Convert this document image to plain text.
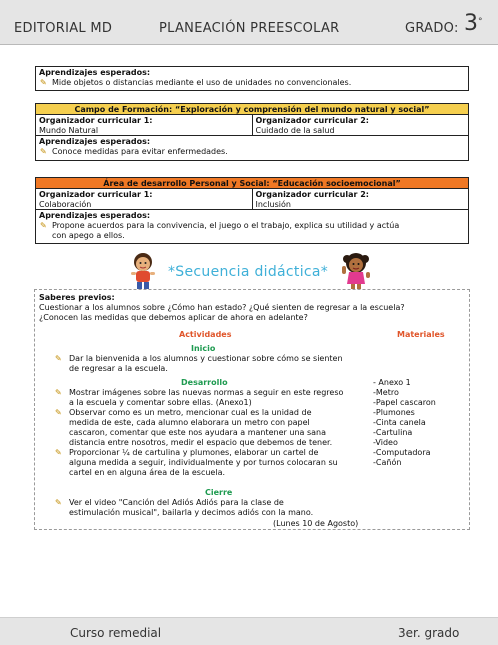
EDITORIAL MD	PLANEACIÓN PREESCOLAR	GRADO: 3 °
Aprendizajes esperados:
✎ Mide objetos o distancias mediante el uso de unidades no convencionales.
Campo de Formación: “Exploración y comprensión del mundo natural y social”
Organizador curricular 1:
Mundo Natural
Organizador curricular 2:
Cuidado de la salud
Aprendizajes esperados:
✎ Conoce medidas para evitar enfermedades.
Área de desarrollo Personal y Social: “Educación socioemocional”
Organizador curricular 1:
Colaboración
Organizador curricular 2:
Inclusión
Aprendizajes esperados:
✎ Propone acuerdos para la convivencia, el juego o el trabajo, explica su utilidad y actúa
con apego a ellos.
*Secuencia didáctica*
Saberes previos:
Cuestionar a los alumnos sobre ¿Cómo han estado? ¿Qué sienten de regresar a la escuela?
¿Conocen las medidas que debemos aplicar de ahora en adelante?
Actividades	Materiales
Inicio
✎ Dar la bienvenida a los alumnos y cuestionar sobre cómo se sienten
de regresar a la escuela.
Desarrollo
✎ Mostrar imágenes sobre las nuevas normas a seguir en este regreso
a la escuela y comentar sobre ellas. (Anexo1)
✎ Observar como es un metro, mencionar cual es la unidad de
medida de este, cada alumno elaborara un metro con papel
cascaron, comentar que este nos ayudara a mantener una sana
distancia entre nosotros, medir el espacio que debemos de tener.
✎ Proporcionar ¼ de cartulina y plumones, elaborar un cartel de
alguna medida a seguir, individualmente y por turnos colocaran su
cartel en en alguna área de la escuela.
- Anexo 1
-Metro
-Papel cascaron
-Plumones
-Cinta canela
-Cartulina
-Video
-Computadora
-Cañón
Cierre
✎ Ver el video "Canción del Adiós Adiós para la clase de
estimulación musical", bailarla y decimos adiós con la mano.
(Lunes 10 de Agosto)
Curso remedial	3er. grado
